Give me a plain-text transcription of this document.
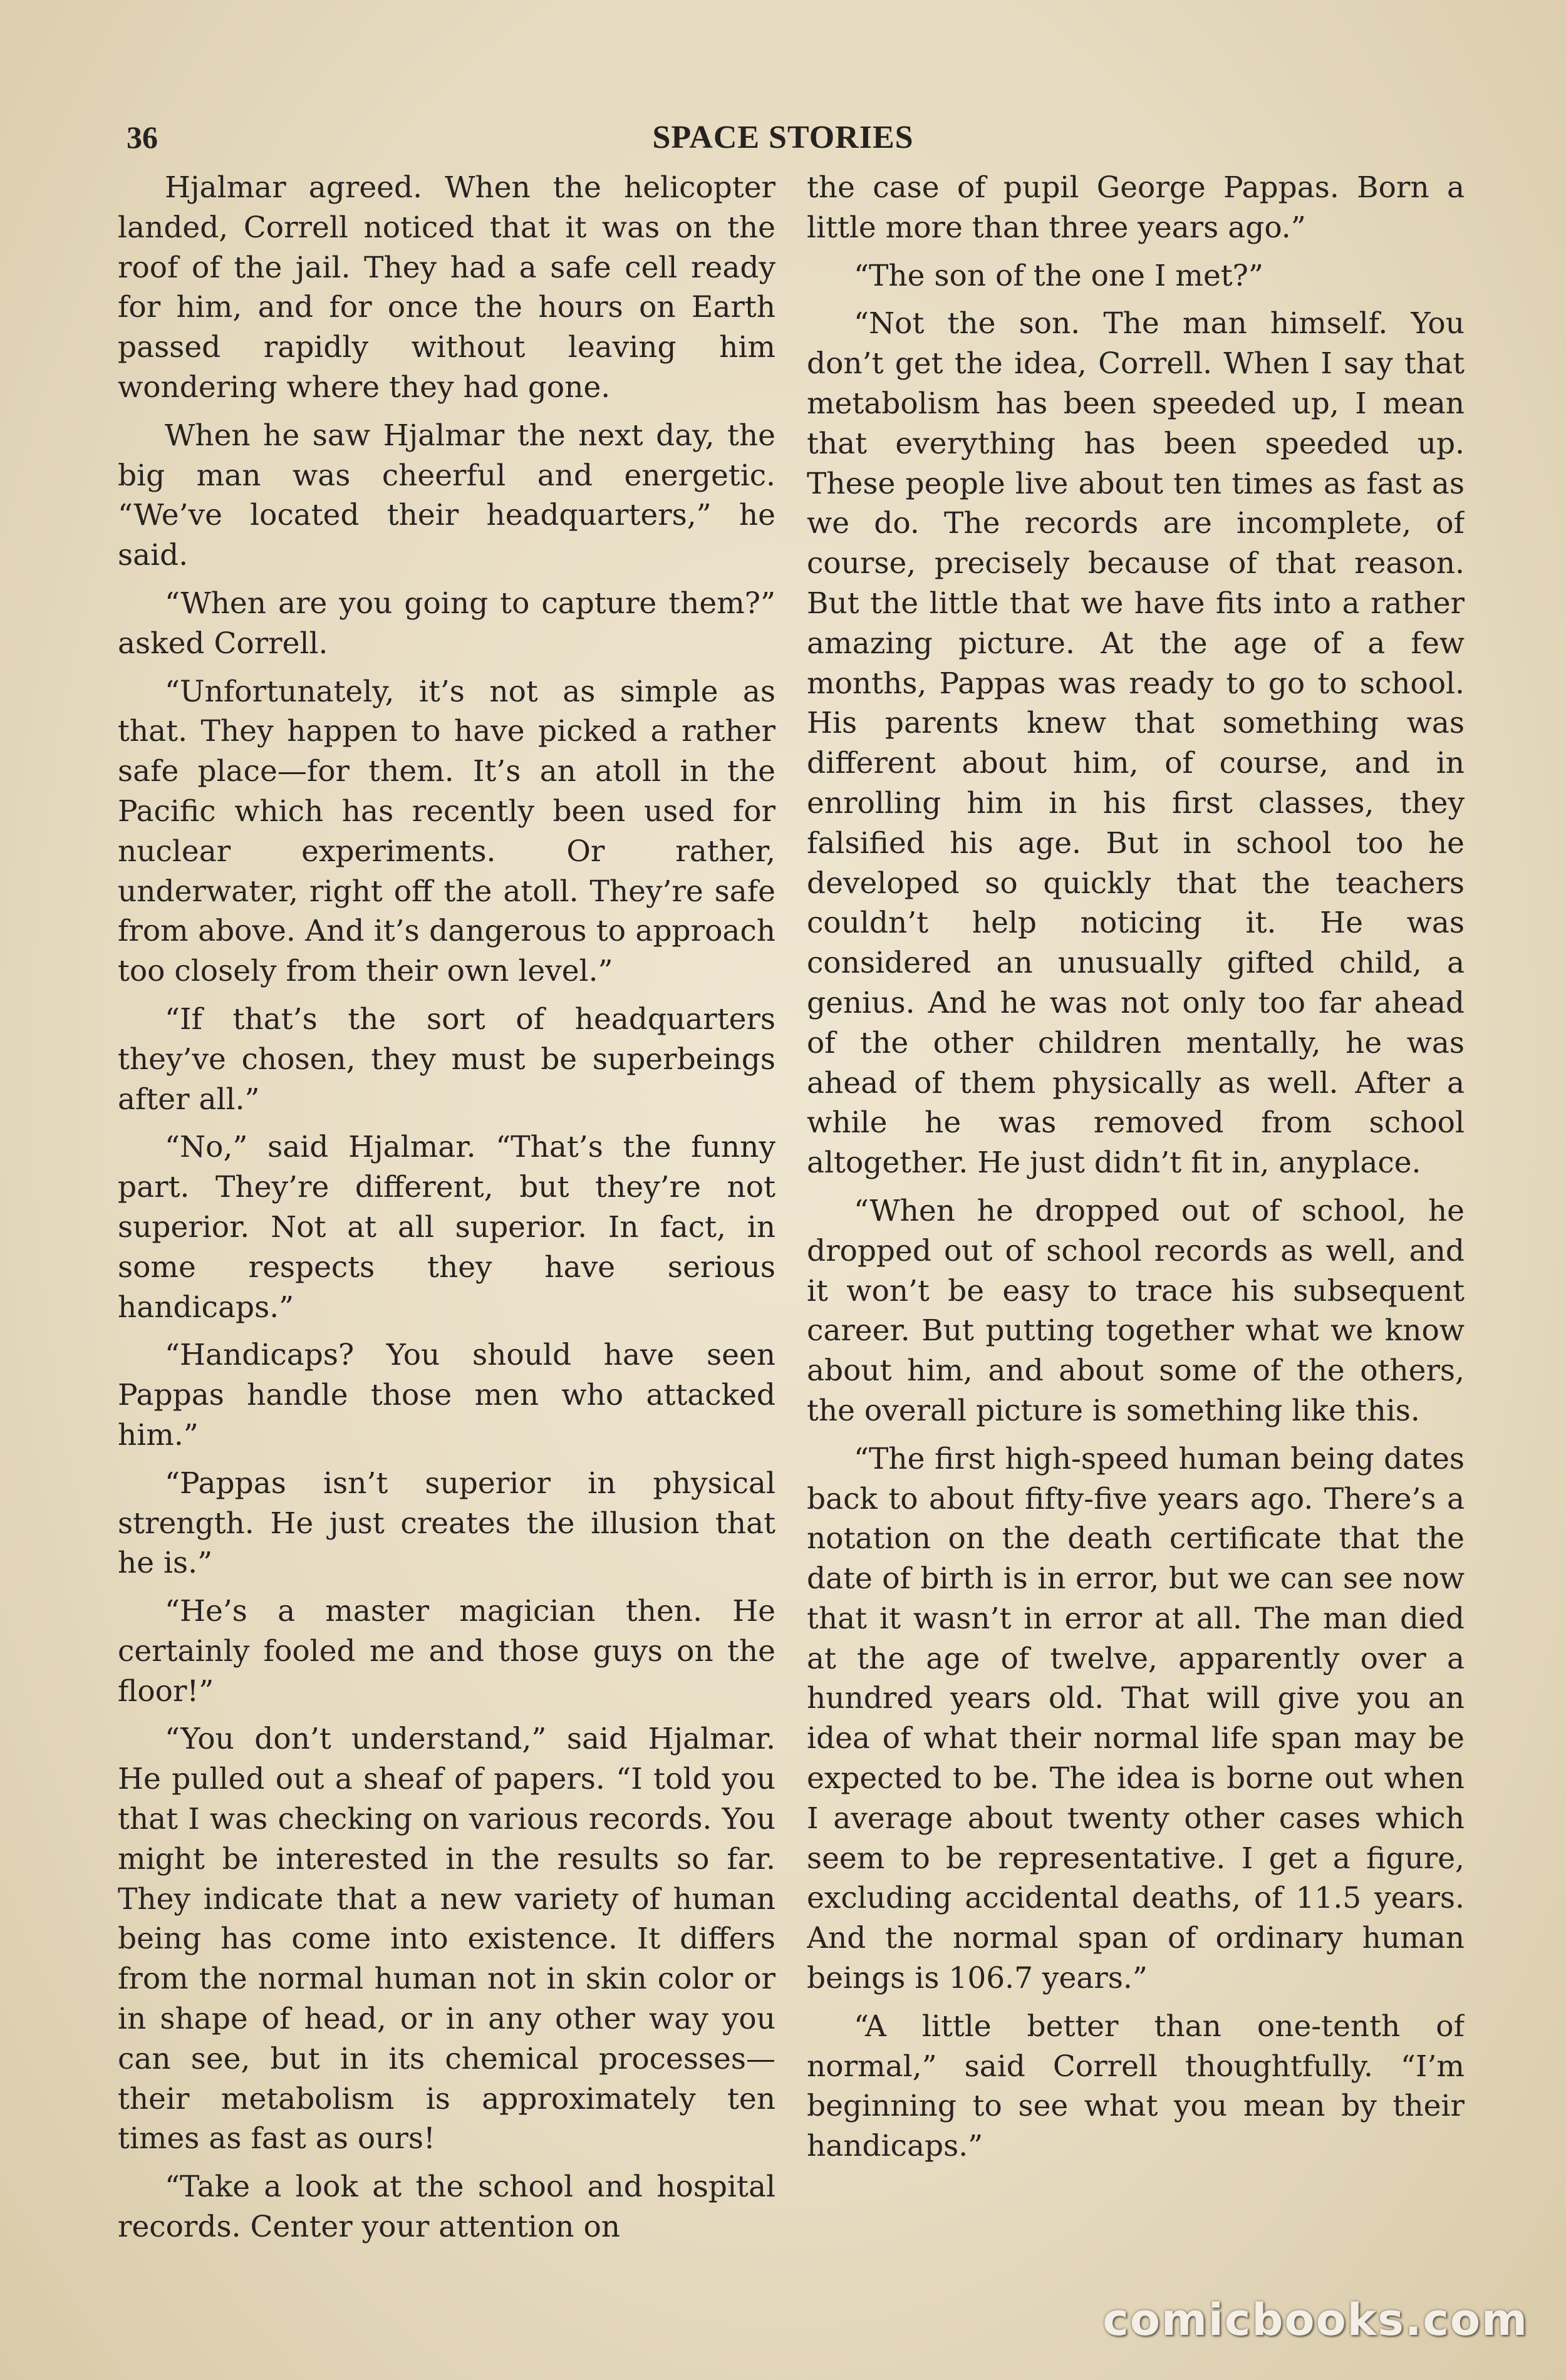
36	SPACE STORIES

Hjalmar agreed. When the helicopter landed, Correll noticed that it was on the roof of the jail. They had a safe cell ready for him, and for once the hours on Earth passed rapidly without leaving him wondering where they had gone.

When he saw Hjalmar the next day, the big man was cheerful and energetic. “We’ve located their headquarters,” he said.

“When are you going to capture them?” asked Correll.

“Unfortunately, it’s not as simple as that. They happen to have picked a rather safe place—for them. It’s an atoll in the Pacific which has recently been used for nuclear experiments. Or rather, underwater, right off the atoll. They’re safe from above. And it’s dangerous to approach too closely from their own level.”

“If that’s the sort of headquarters they’ve chosen, they must be superbeings after all.”

“No,” said Hjalmar. “That’s the funny part. They’re different, but they’re not superior. Not at all superior. In fact, in some respects they have serious handicaps.”

“Handicaps? You should have seen Pappas handle those men who attacked him.”

“Pappas isn’t superior in physical strength. He just creates the illusion that he is.”

“He’s a master magician then. He certainly fooled me and those guys on the floor!”

“You don’t understand,” said Hjalmar. He pulled out a sheaf of papers. “I told you that I was checking on various records. You might be interested in the results so far. They indicate that a new variety of human being has come into existence. It differs from the normal human not in skin color or in shape of head, or in any other way you can see, but in its chemical processes—their metabolism is approximately ten times as fast as ours!

“Take a look at the school and hospital records. Center your attention on

the case of pupil George Pappas. Born a little more than three years ago.”

“The son of the one I met?”

“Not the son. The man himself. You don’t get the idea, Correll. When I say that metabolism has been speeded up, I mean that everything has been speeded up. These people live about ten times as fast as we do. The records are incomplete, of course, precisely because of that reason. But the little that we have fits into a rather amazing picture. At the age of a few months, Pappas was ready to go to school. His parents knew that something was different about him, of course, and in enrolling him in his first classes, they falsified his age. But in school too he developed so quickly that the teachers couldn’t help noticing it. He was considered an unusually gifted child, a genius. And he was not only too far ahead of the other children mentally, he was ahead of them physically as well. After a while he was removed from school altogether. He just didn’t fit in, anyplace.

“When he dropped out of school, he dropped out of school records as well, and it won’t be easy to trace his subsequent career. But putting together what we know about him, and about some of the others, the overall picture is something like this.

“The first high-speed human being dates back to about fifty-five years ago. There’s a notation on the death certificate that the date of birth is in error, but we can see now that it wasn’t in error at all. The man died at the age of twelve, apparently over a hundred years old. That will give you an idea of what their normal life span may be expected to be. The idea is borne out when I average about twenty other cases which seem to be representative. I get a figure, excluding accidental deaths, of 11.5 years. And the normal span of ordinary human beings is 106.7 years.”

“A little better than one-tenth of normal,” said Correll thoughtfully. “I’m beginning to see what you mean by their handicaps.”

comicbooks.com
